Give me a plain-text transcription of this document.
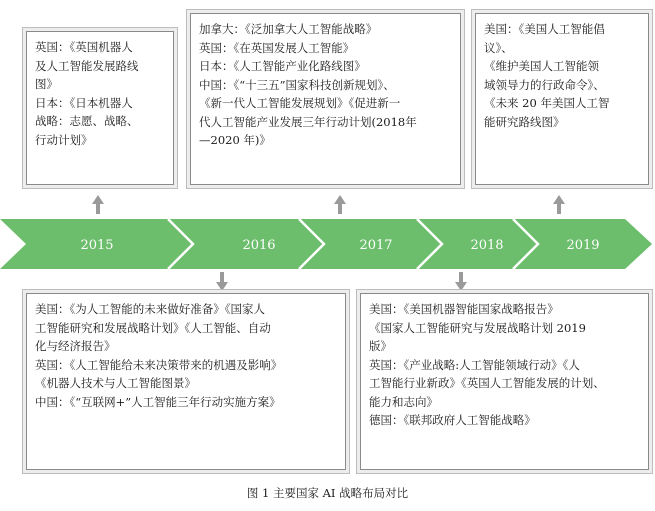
2015	2016	2017	2018	2019
英国：《英国机器人
及人工智能发展路线
图》
日本：《日本机器人
战略：志愿、战略、
行动计划》
加拿大：《泛加拿大人工智能战略》
英国：《在英国发展人工智能》
日本：《人工智能产业化路线图》
中国：《“十三五”国家科技创新规划》、
《新一代人工智能发展规划》《促进新一
代人工智能产业发展三年行动计划(2018年
—2020 年)》
美国：《美国人工智能倡
议》、
《维护美国人工智能领
域领导力的行政命令》、
《未来 20 年美国人工智
能研究路线图》
美国：《为人工智能的未来做好准备》《国家人
工智能研究和发展战略计划》《人工智能、自动
化与经济报告》
英国：《人工智能给未来决策带来的机遇及影响》
《机器人技术与人工智能图景》
中国：《“互联网+”人工智能三年行动实施方案》
美国：《美国机器智能国家战略报告》
《国家人工智能研究与发展战略计划 2019
版》
英国：《产业战略:人工智能领域行动》《人
工智能行业新政》《英国人工智能发展的计划、
能力和志向》
德国：《联邦政府人工智能战略》
图 1 主要国家 AI 战略布局对比
